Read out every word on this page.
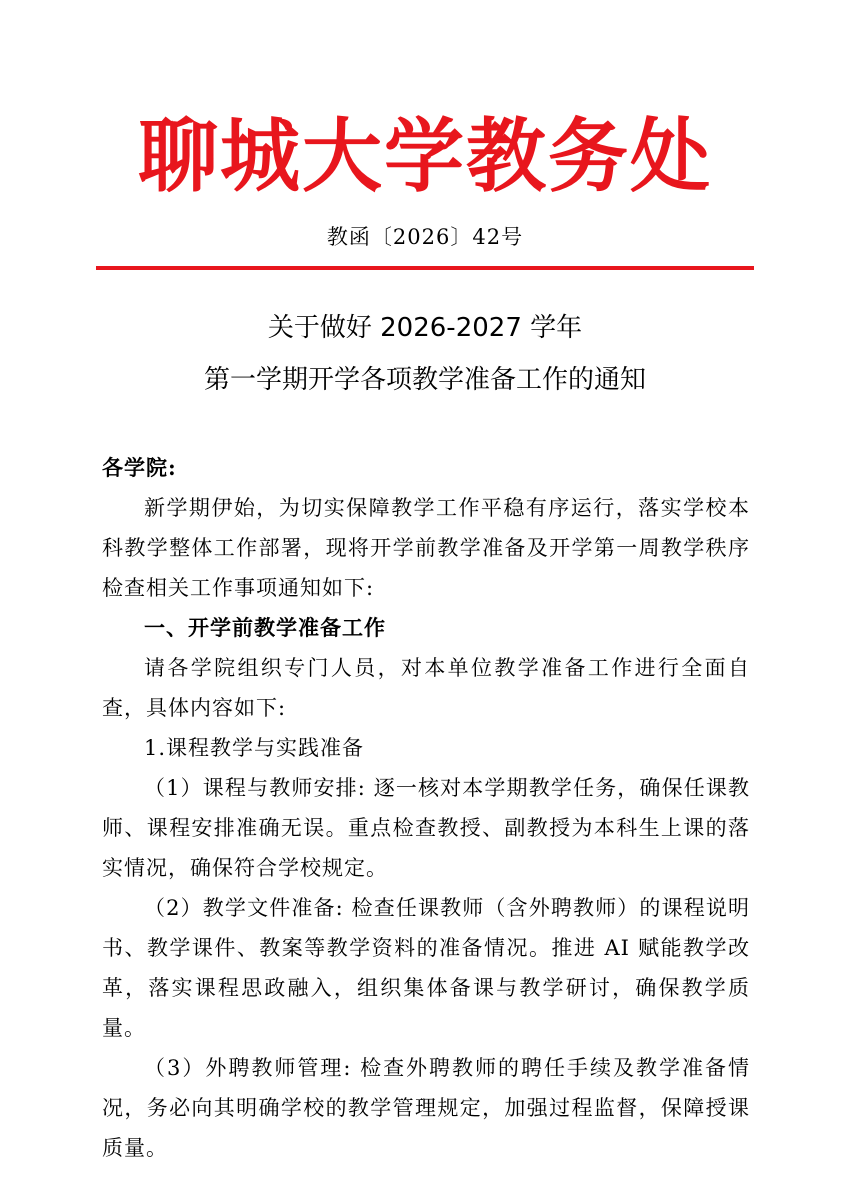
聊城大学教务处
教函〔2026〕42号
关于做好 2026-2027 学年
第一学期开学各项教学准备工作的通知

各学院:

新学期伊始，为切实保障教学工作平稳有序运行，落实学校本科教学整体工作部署，现将开学前教学准备及开学第一周教学秩序检查相关工作事项通知如下:

一、开学前教学准备工作

请各学院组织专门人员，对本单位教学准备工作进行全面自查，具体内容如下:

1.课程教学与实践准备

（1）课程与教师安排: 逐一核对本学期教学任务，确保任课教师、课程安排准确无误。重点检查教授、副教授为本科生上课的落实情况，确保符合学校规定。

（2）教学文件准备: 检查任课教师（含外聘教师）的课程说明书、教学课件、教案等教学资料的准备情况。推进 AI 赋能教学改革，落实课程思政融入，组织集体备课与教学研讨，确保教学质量。

（3）外聘教师管理: 检查外聘教师的聘任手续及教学准备情况，务必向其明确学校的教学管理规定，加强过程监督，保障授课质量。
